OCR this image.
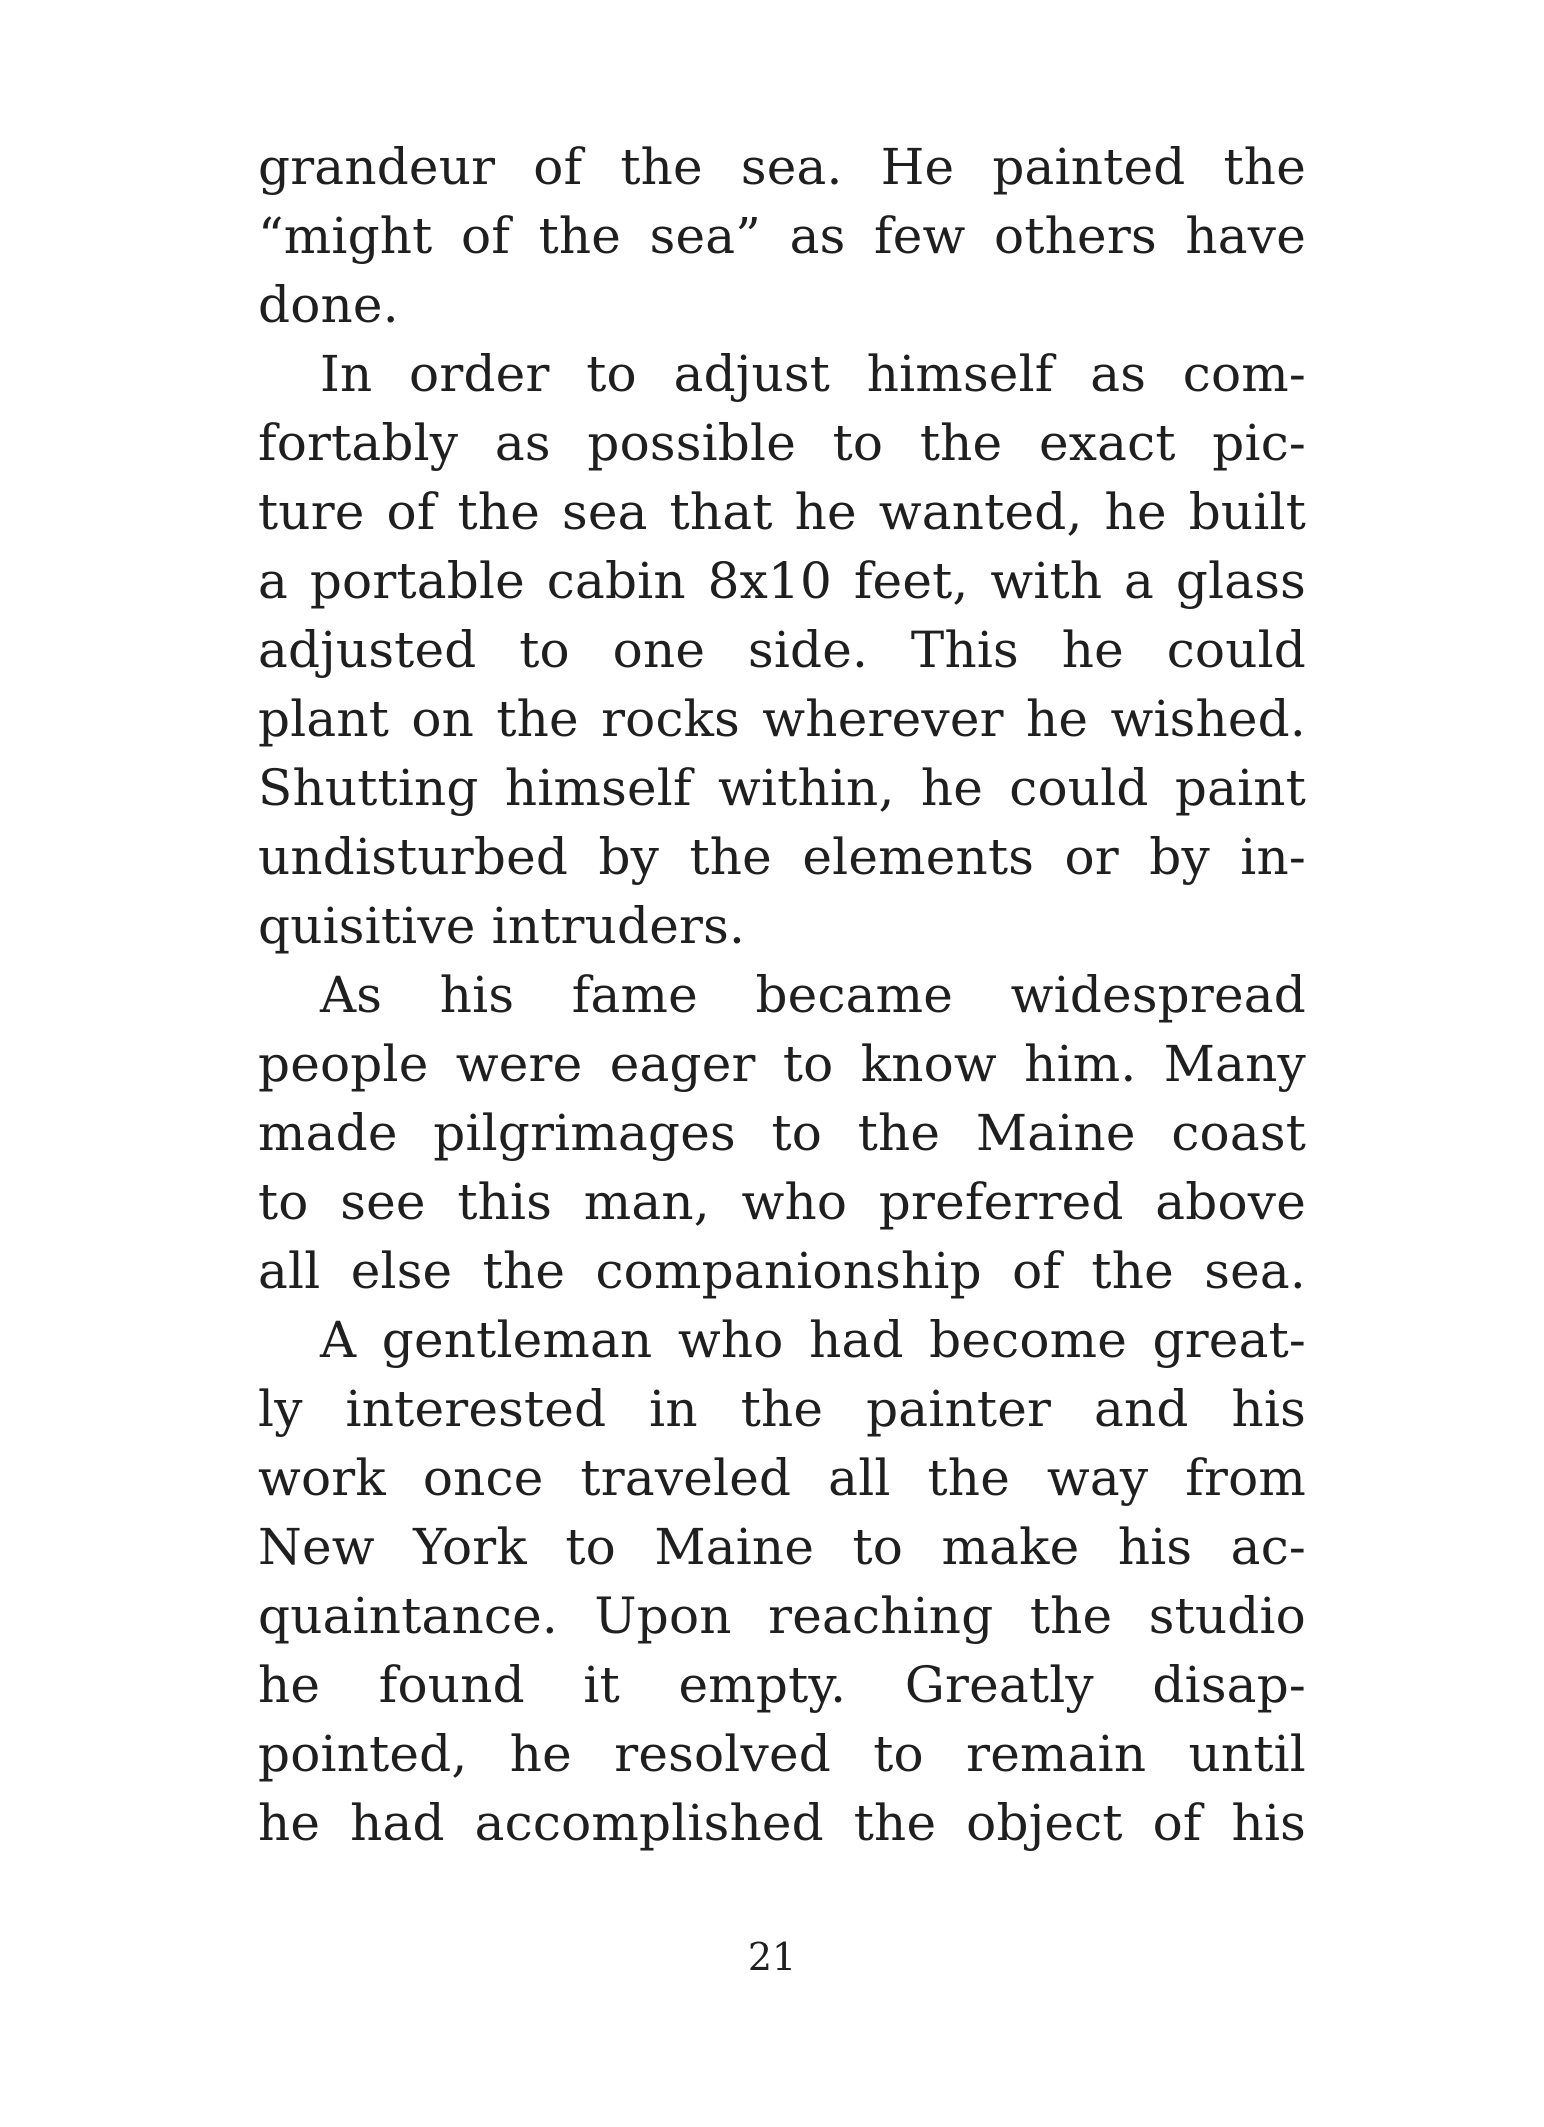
grandeur of the sea. He painted the
“might of the sea” as few others have
done.
In order to adjust himself as com-
fortably as possible to the exact pic-
ture of the sea that he wanted, he built
a portable cabin 8x10 feet, with a glass
adjusted to one side. This he could
plant on the rocks wherever he wished.
Shutting himself within, he could paint
undisturbed by the elements or by in-
quisitive intruders.
As his fame became widespread
people were eager to know him. Many
made pilgrimages to the Maine coast
to see this man, who preferred above
all else the companionship of the sea.
A gentleman who had become great-
ly interested in the painter and his
work once traveled all the way from
New York to Maine to make his ac-
quaintance. Upon reaching the studio
he found it empty. Greatly disap-
pointed, he resolved to remain until
he had accomplished the object of his
21
